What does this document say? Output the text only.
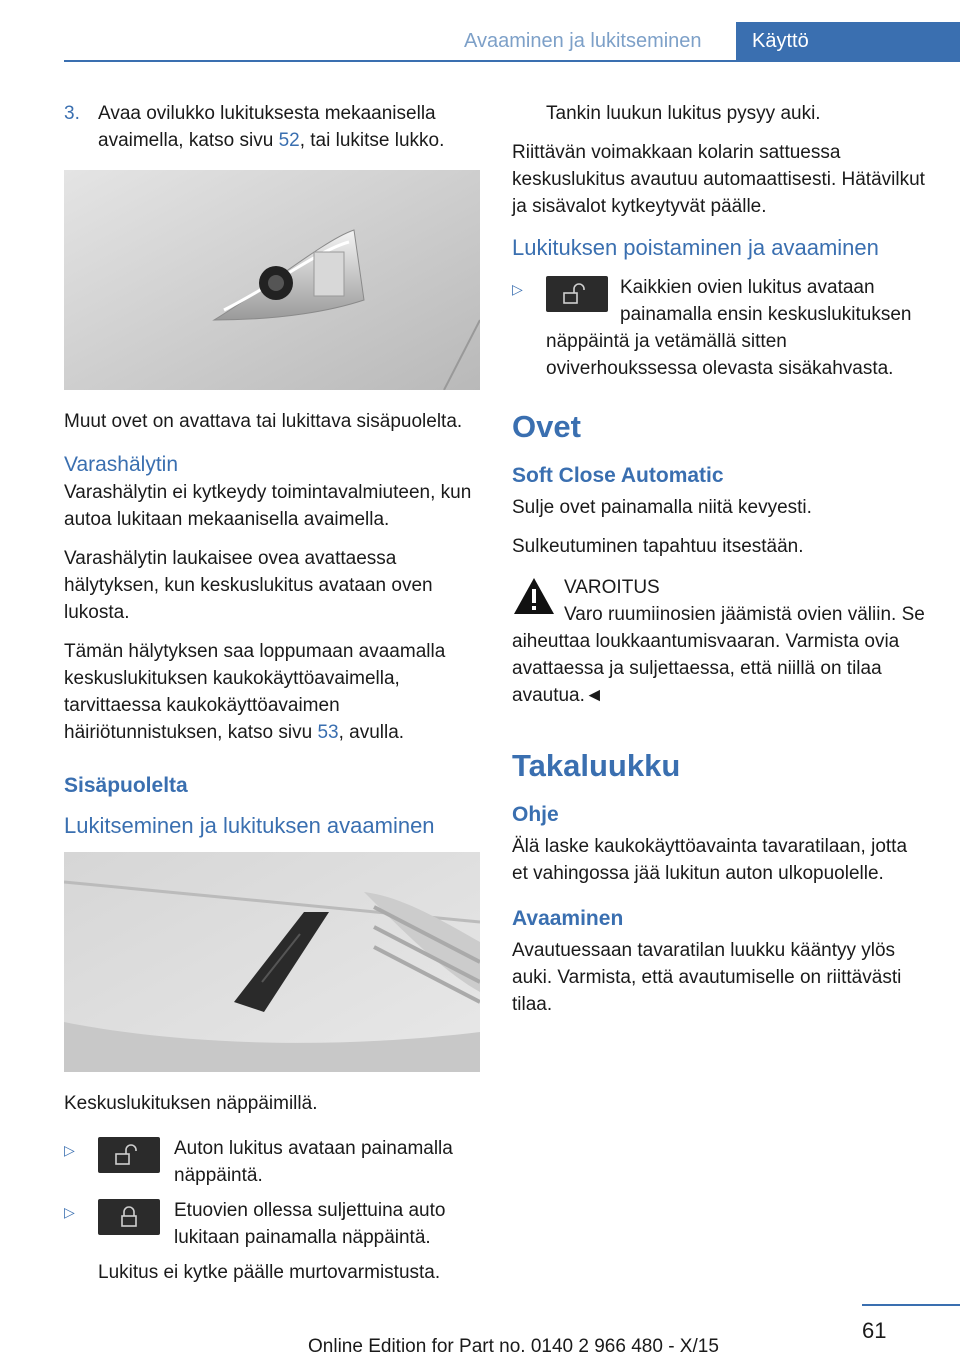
Avaaminen ja lukitseminen	Käyttö

3. Avaa ovilukko lukituksesta mekaanisella avaimella, katso sivu 52, tai lukitse lukko.

Muut ovet on avattava tai lukittava sisäpuolelta.

Varashälytin

Varashälytin ei kytkeydy toimintavalmiuteen, kun autoa lukitaan mekaanisella avaimella.

Varashälytin laukaisee ovea avattaessa hälytyksen, kun keskuslukitus avataan oven lukosta.

Tämän hälytyksen saa loppumaan avaamalla keskuslukituksen kaukokäyttöavaimella, tarvittaessa kaukokäyttöavaimen häiriötunnistuksen, katso sivu 53, avulla.

Sisäpuolelta
Lukitseminen ja lukituksen avaaminen

Keskuslukituksen näppäimillä.

▷	Auton lukitus avataan painamalla näppäintä.
▷	Etuovien ollessa suljettuina auto lukitaan painamalla näppäintä.

Lukitus ei kytke päälle murtovarmistusta.

Tankin luukun lukitus pysyy auki.

Riittävän voimakkaan kolarin sattuessa keskuslukitus avautuu automaattisesti. Hätävilkut ja sisävalot kytkeytyvät päälle.

Lukituksen poistaminen ja avaaminen
▷	Kaikkien ovien lukitus avataan painamalla ensin keskuslukituksen näppäintä ja vetämällä sitten oviverhoukssessa olevasta sisäkahvasta.
Ovet
Soft Close Automatic

Sulje ovet painamalla niitä kevyesti.

Sulkeutuminen tapahtuu itsestään.

VAROITUS

Varo ruumiinosien jäämistä ovien väliin. Se aiheuttaa loukkaantumisvaaran. Varmista ovia avattaessa ja suljettaessa, että niillä on tilaa avautua.◄

Takaluukku
Ohje

Älä laske kaukokäyttöavainta tavaratilaan, jotta et vahingossa jää lukitun auton ulkopuolelle.

Avaaminen

Avautuessaan tavaratilan luukku kääntyy ylös auki. Varmista, että avautumiselle on riittävästi tilaa.

61
Online Edition for Part no. 0140 2 966 480 - X/15
